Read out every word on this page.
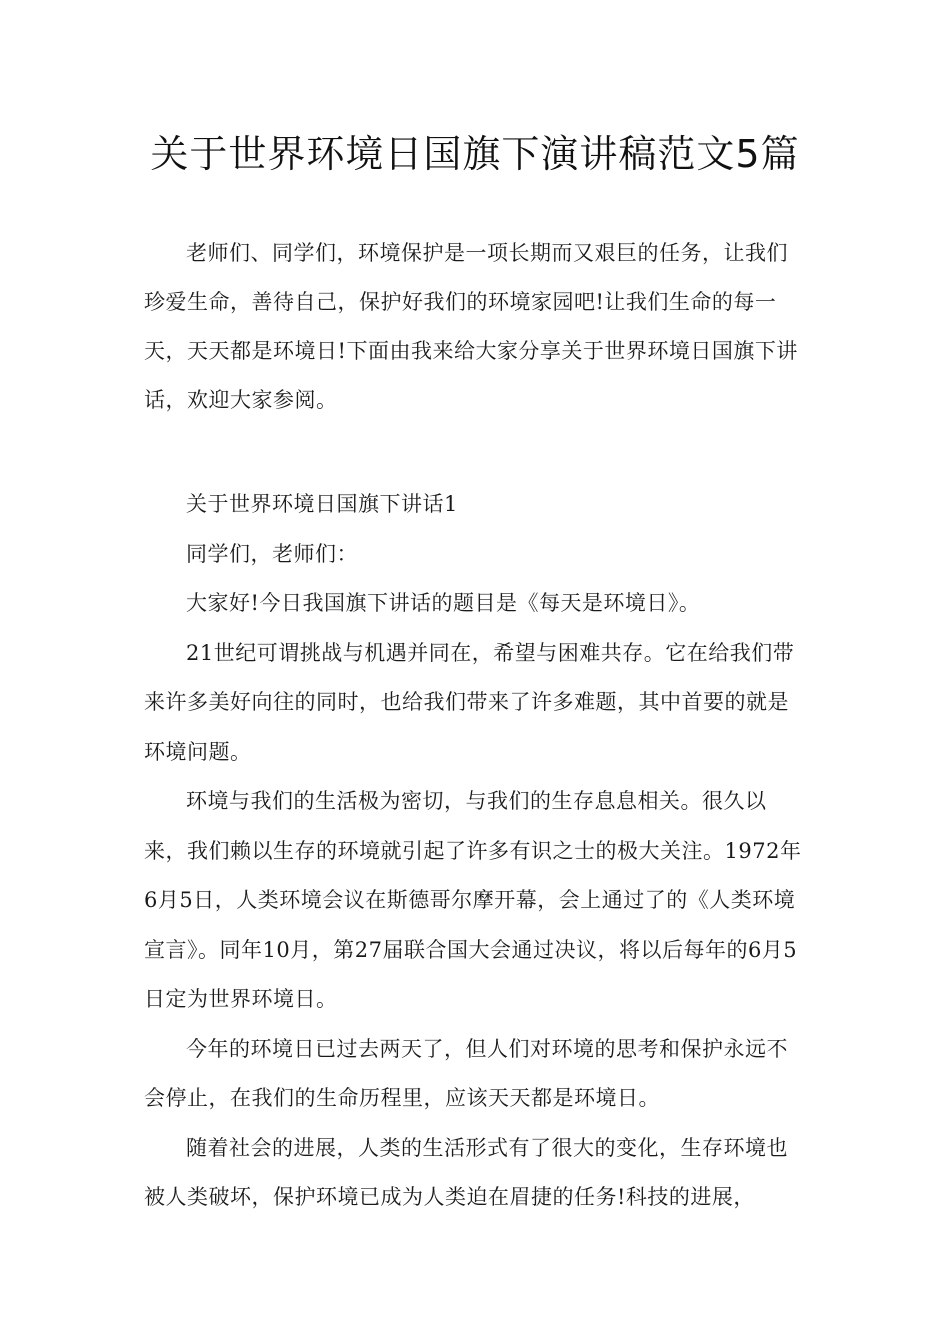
关于世界环境日国旗下演讲稿范文5篇

老师们、同学们，环境保护是一项长期而又艰巨的任务，让我们珍爱生命，善待自己，保护好我们的环境家园吧!让我们生命的每一天，天天都是环境日!下面由我来给大家分享关于世界环境日国旗下讲话，欢迎大家参阅。

关于世界环境日国旗下讲话1

同学们，老师们：

大家好!今日我国旗下讲话的题目是《每天是环境日》。

21世纪可谓挑战与机遇并同在，希望与困难共存。它在给我们带来许多美好向往的同时，也给我们带来了许多难题，其中首要的就是环境问题。

环境与我们的生活极为密切，与我们的生存息息相关。很久以来，我们赖以生存的环境就引起了许多有识之士的极大关注。1972年6月5日，人类环境会议在斯德哥尔摩开幕，会上通过了的《人类环境宣言》。同年10月，第27届联合国大会通过决议，将以后每年的6月5日定为世界环境日。

今年的环境日已过去两天了，但人们对环境的思考和保护永远不会停止，在我们的生命历程里，应该天天都是环境日。

随着社会的进展，人类的生活形式有了很大的变化，生存环境也被人类破坏，保护环境已成为人类迫在眉捷的任务!科技的进展，
